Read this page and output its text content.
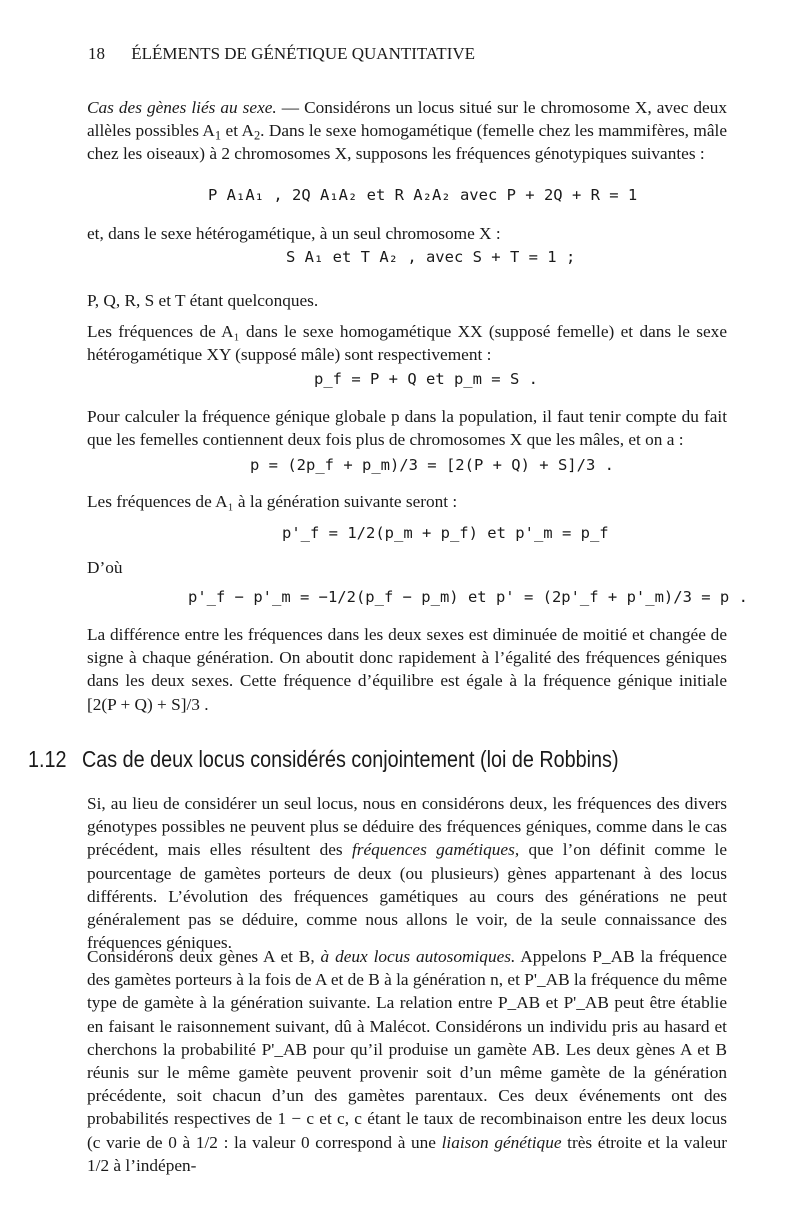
18 ÉLÉMENTS DE GÉNÉTIQUE QUANTITATIVE

Cas des gènes liés au sexe. — Considérons un locus situé sur le chromosome X, avec deux allèles possibles $A_1$ et $A_2$. Dans le sexe homogamétique (femelle chez les mammifères, mâle chez les oiseaux) à 2 chromosomes X, supposons les fréquences génotypiques suivantes :

P A₁A₁ , 2Q A₁A₂ et R A₂A₂ avec P + 2Q + R = 1

et, dans le sexe hétérogamétique, à un seul chromosome X :

S A₁ et T A₂ , avec S + T = 1 ;

P, Q, R, S et T étant quelconques.

Les fréquences de A₁ dans le sexe homogamétique XX (supposé femelle) et dans le sexe hétérogamétique XY (supposé mâle) sont respectivement :

p_f = P + Q et p_m = S .

Pour calculer la fréquence génique globale p dans la population, il faut tenir compte du fait que les femelles contiennent deux fois plus de chromosomes X que les mâles, et on a :

p = (2p_f + p_m)/3 = [2(P + Q) + S]/3 .

Les fréquences de A₁ à la génération suivante seront :

p'_f = 1/2(p_m + p_f) et p'_m = p_f

D’où

p'_f − p'_m = −1/2(p_f − p_m) et p' = (2p'_f + p'_m)/3 = p .

La différence entre les fréquences dans les deux sexes est diminuée de moitié et changée de signe à chaque génération. On aboutit donc rapidement à l’égalité des fréquences géniques dans les deux sexes. Cette fréquence d’équilibre est égale à la fréquence génique initiale [2(P + Q) + S]/3 .

1.12 Cas de deux locus considérés conjointement (loi de Robbins)

Si, au lieu de considérer un seul locus, nous en considérons deux, les fréquences des divers génotypes possibles ne peuvent plus se déduire des fréquences géniques, comme dans le cas précédent, mais elles résultent des fréquences gamétiques, que l’on définit comme le pourcentage de gamètes porteurs de deux (ou plusieurs) gènes appartenant à des locus différents. L’évolution des fréquences gamétiques au cours des générations ne peut généralement pas se déduire, comme nous allons le voir, de la seule connaissance des fréquences géniques.

Considérons deux gènes A et B, à deux locus autosomiques. Appelons P_AB la fréquence des gamètes porteurs à la fois de A et de B à la génération n, et P'_AB la fréquence du même type de gamète à la génération suivante. La relation entre P_AB et P'_AB peut être établie en faisant le raisonnement suivant, dû à Malécot. Considérons un individu pris au hasard et cherchons la probabilité P'_AB pour qu’il produise un gamète AB. Les deux gènes A et B réunis sur le même gamète peuvent provenir soit d’un même gamète de la génération précédente, soit chacun d’un des gamètes parentaux. Ces deux événements ont des probabilités respectives de 1 − c et c, c étant le taux de recombinaison entre les deux locus (c varie de 0 à 1/2 : la valeur 0 correspond à une liaison génétique très étroite et la valeur 1/2 à l’indépen-
